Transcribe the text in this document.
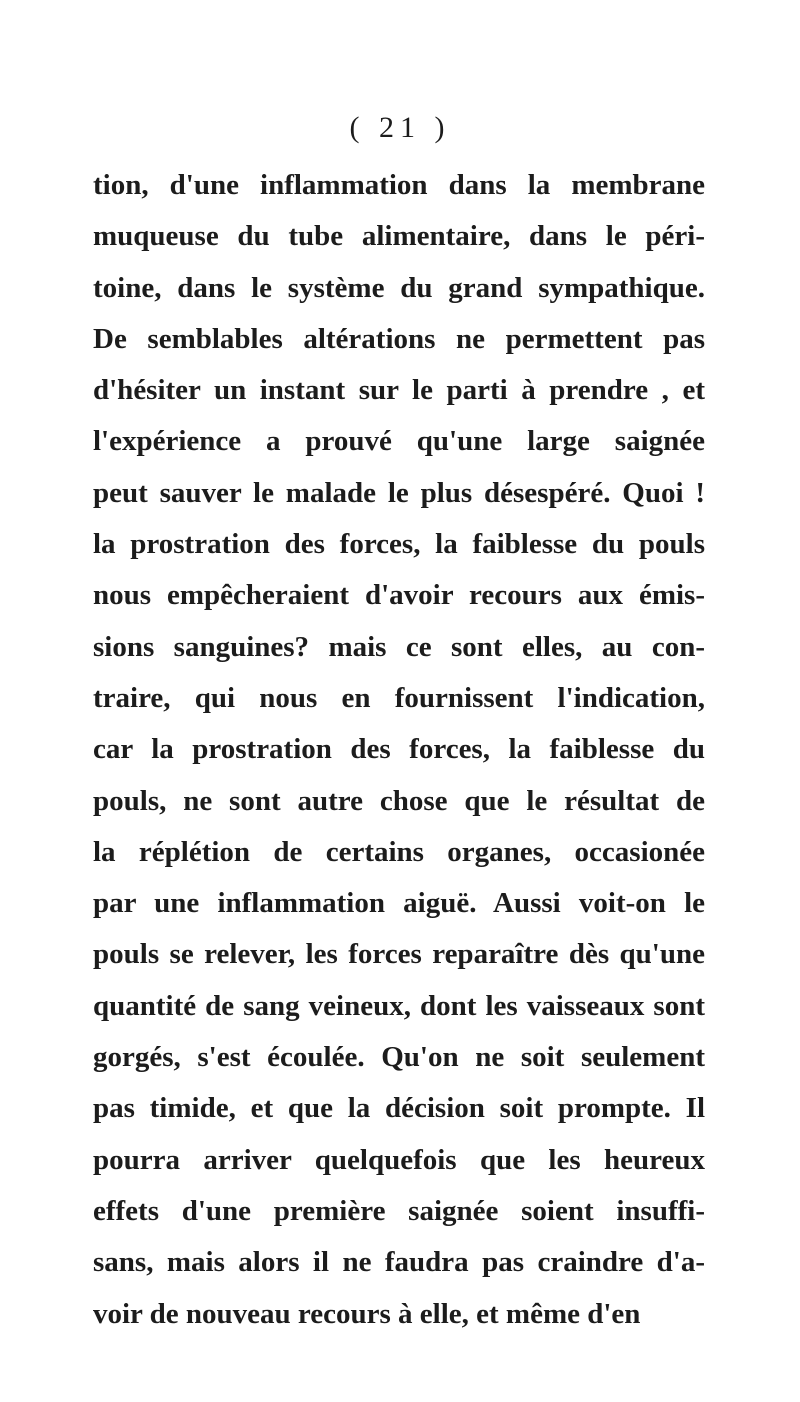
( 21 )
tion, d'une inflammation dans la membrane
muqueuse du tube alimentaire, dans le péri-
toine, dans le système du grand sympathique.
De semblables altérations ne permettent pas
d'hésiter un instant sur le parti à prendre , et
l'expérience a prouvé qu'une large saignée
peut sauver le malade le plus désespéré. Quoi !
la prostration des forces, la faiblesse du pouls
nous empêcheraient d'avoir recours aux émis-
sions sanguines? mais ce sont elles, au con-
traire, qui nous en fournissent l'indication,
car la prostration des forces, la faiblesse du
pouls, ne sont autre chose que le résultat de
la réplétion de certains organes, occasionée
par une inflammation aiguë. Aussi voit-on le
pouls se relever, les forces reparaître dès qu'une
quantité de sang veineux, dont les vaisseaux sont
gorgés, s'est écoulée. Qu'on ne soit seulement
pas timide, et que la décision soit prompte. Il
pourra arriver quelquefois que les heureux
effets d'une première saignée soient insuffi-
sans, mais alors il ne faudra pas craindre d'a-
voir de nouveau recours à elle, et même d'en
